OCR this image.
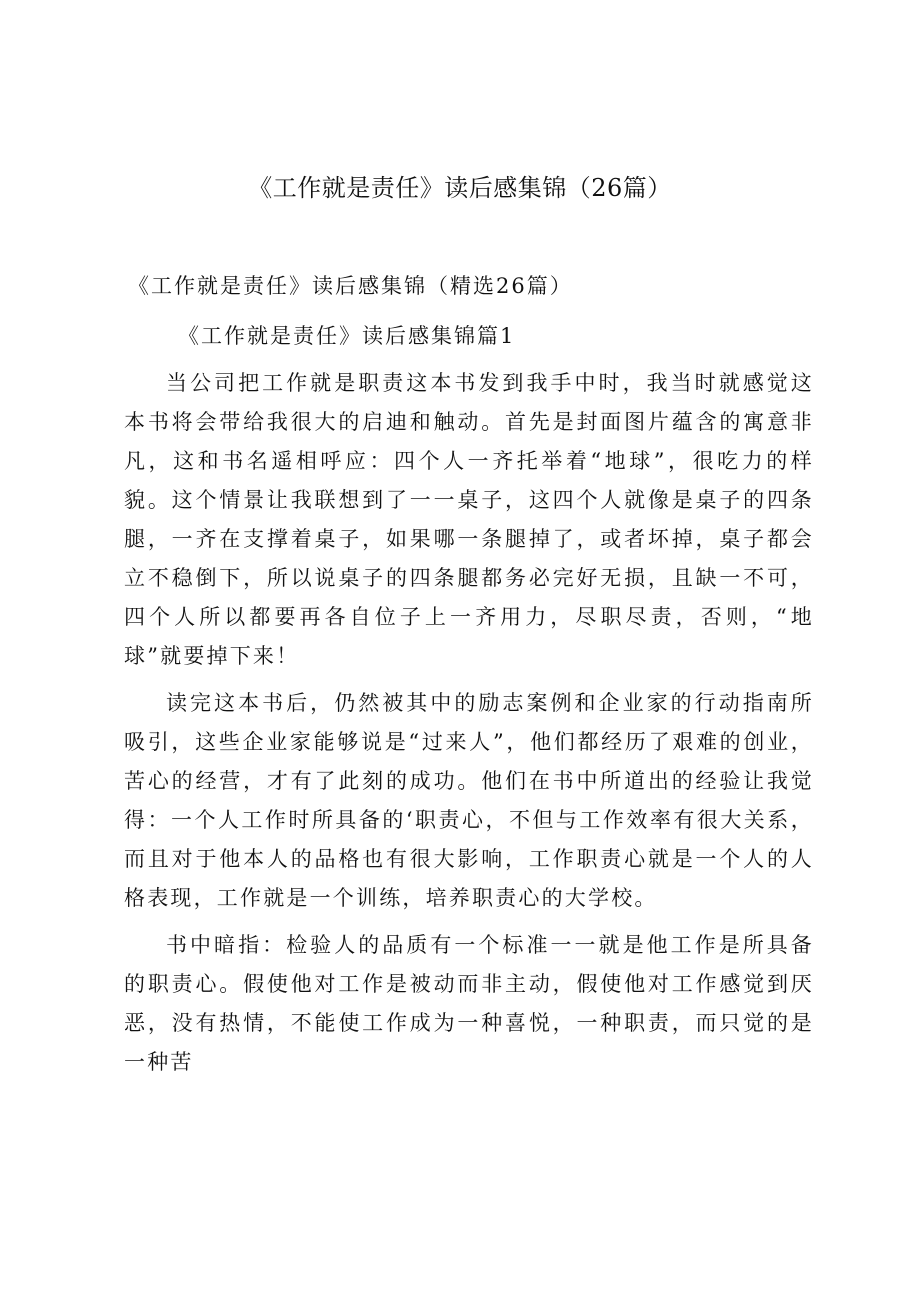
《工作就是责任》读后感集锦（26篇）
《工作就是责任》读后感集锦（精选26篇）
《工作就是责任》读后感集锦篇1

当公司把工作就是职责这本书发到我手中时，我当时就感觉这本书将会带给我很大的启迪和触动。首先是封面图片蕴含的寓意非凡，这和书名遥相呼应：四个人一齐托举着“地球”，很吃力的样貌。这个情景让我联想到了一一桌子，这四个人就像是桌子的四条腿，一齐在支撑着桌子，如果哪一条腿掉了，或者坏掉，桌子都会立不稳倒下，所以说桌子的四条腿都务必完好无损，且缺一不可，四个人所以都要再各自位子上一齐用力，尽职尽责，否则，“地球”就要掉下来！

读完这本书后，仍然被其中的励志案例和企业家的行动指南所吸引，这些企业家能够说是“过来人”，他们都经历了艰难的创业，苦心的经营，才有了此刻的成功。他们在书中所道出的经验让我觉得：一个人工作时所具备的‘职责心，不但与工作效率有很大关系，而且对于他本人的品格也有很大影响，工作职责心就是一个人的人格表现，工作就是一个训练，培养职责心的大学校。

书中暗指：检验人的品质有一个标准一一就是他工作是所具备的职责心。假使他对工作是被动而非主动，假使他对工作感觉到厌恶，没有热情，不能使工作成为一种喜悦，一种职责，而只觉的是一种苦
